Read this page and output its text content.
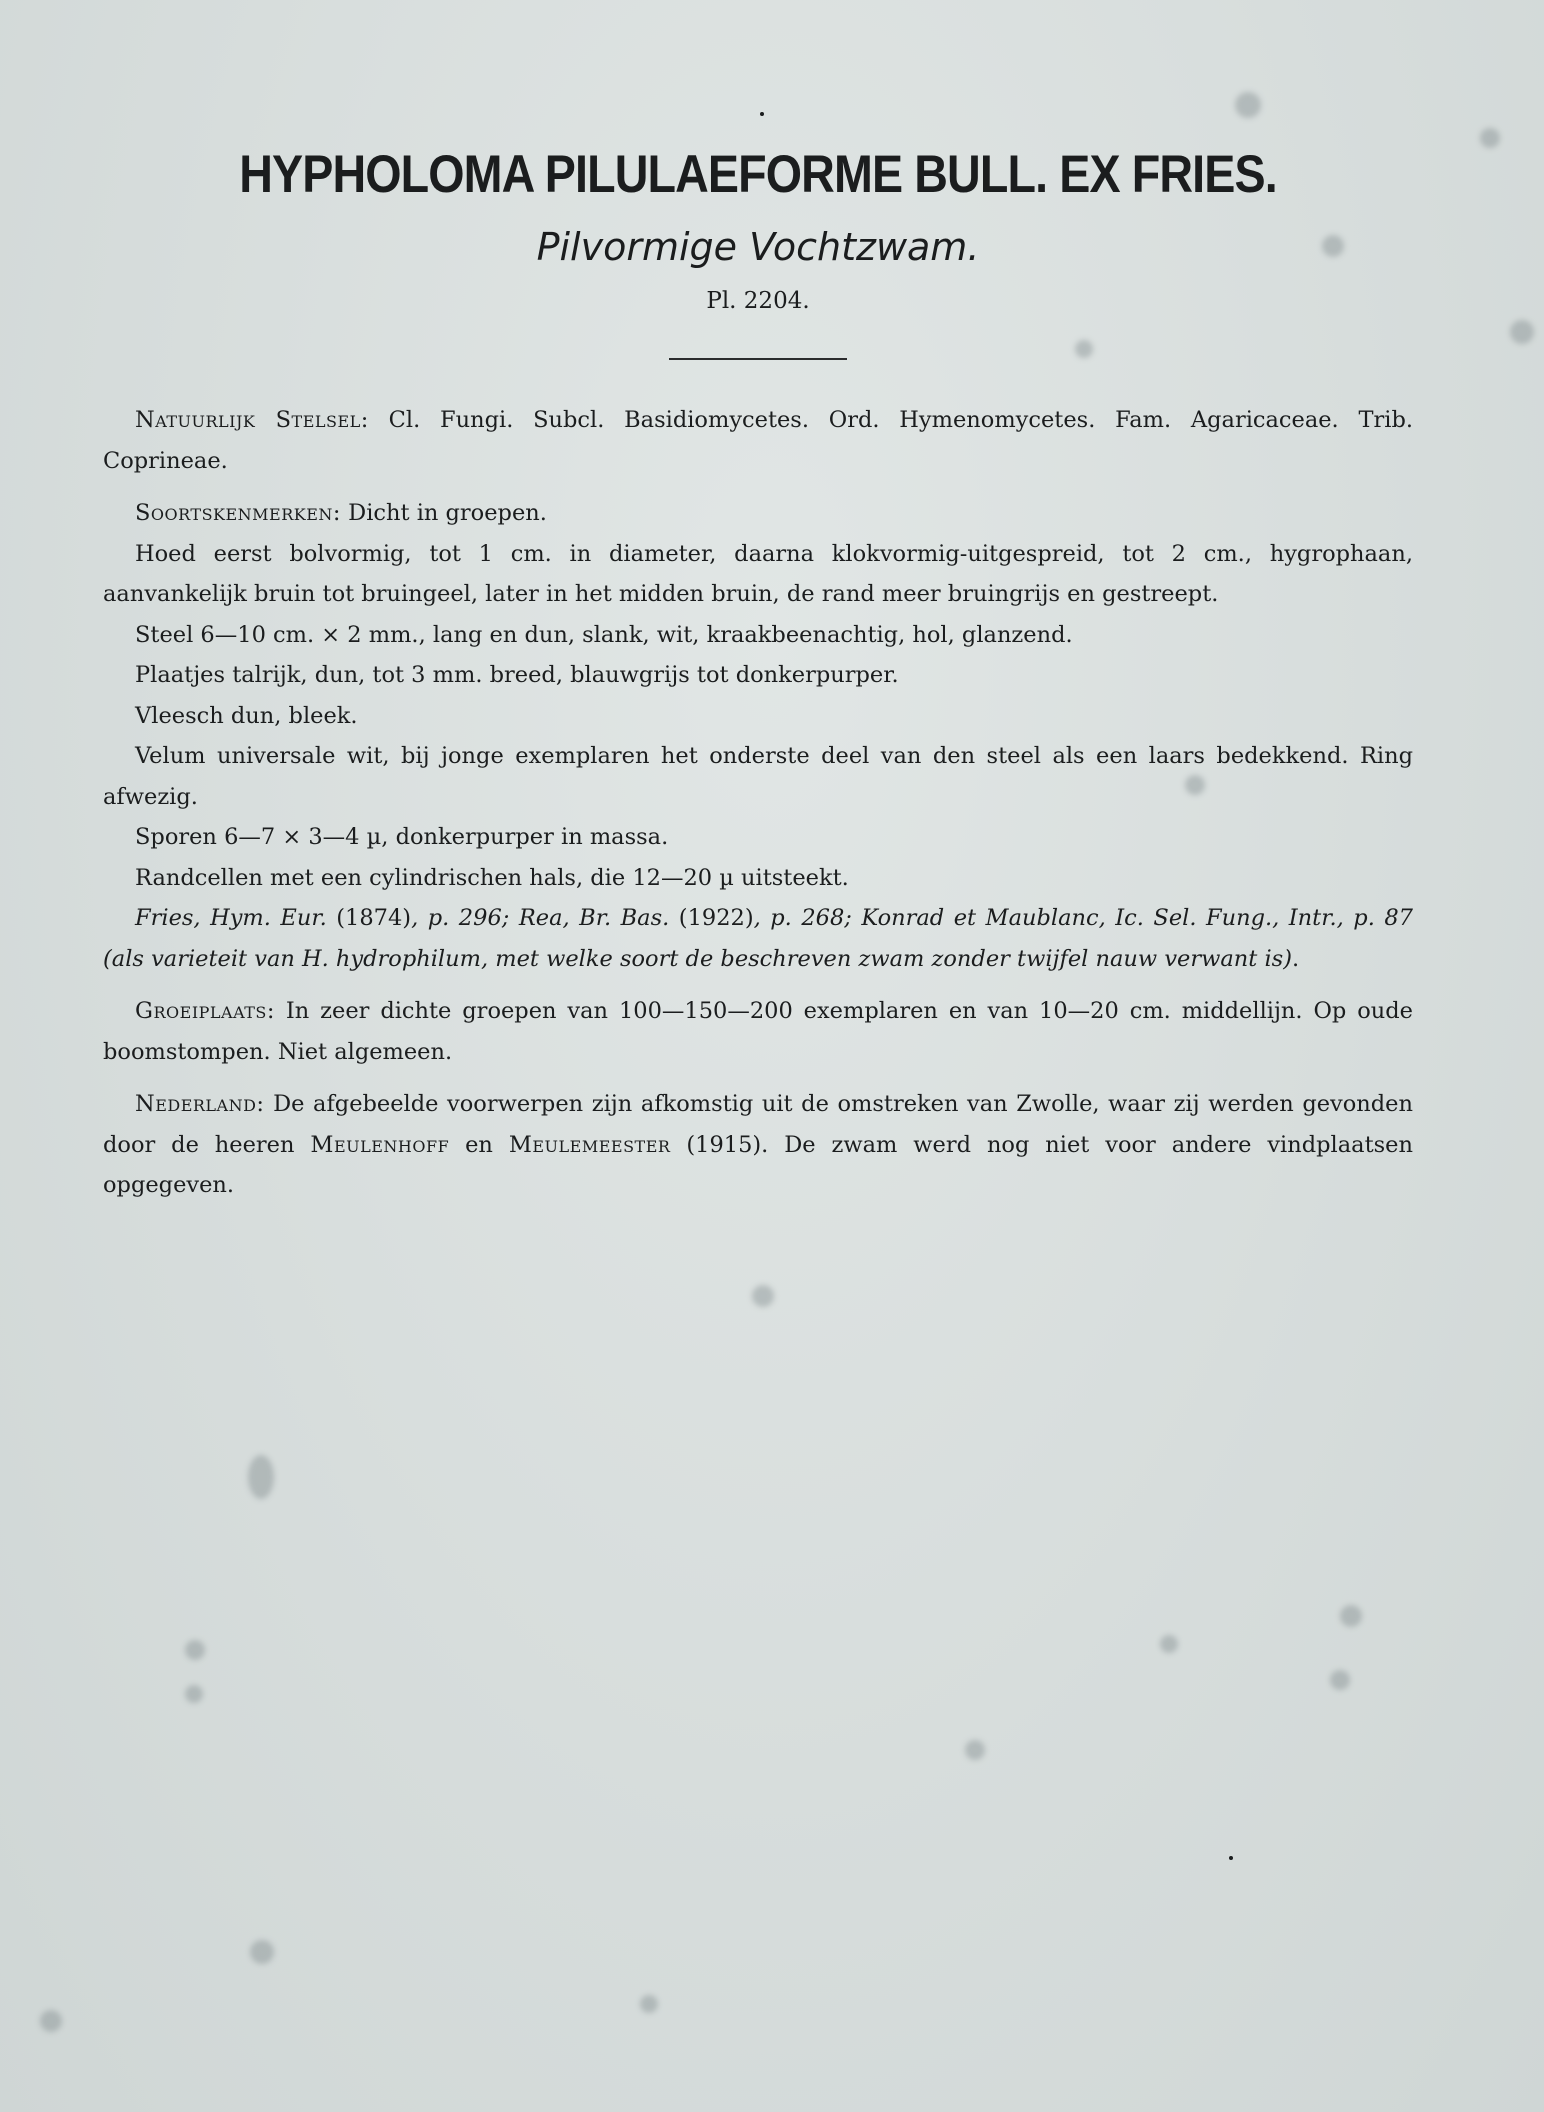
HYPHOLOMA PILULAEFORME BULL. EX FRIES.
Pilvormige Vochtzwam.
Pl. 2204.

Natuurlijk Stelsel: Cl. Fungi. Subcl. Basidiomycetes. Ord. Hymenomycetes. Fam. Agaricaceae. Trib. Coprineae.

Soortskenmerken: Dicht in groepen.

Hoed eerst bolvormig, tot 1 cm. in diameter, daarna klokvormig-uitgespreid, tot 2 cm., hygrophaan, aanvankelijk bruin tot bruingeel, later in het midden bruin, de rand meer bruingrijs en gestreept.

Steel 6—10 cm. × 2 mm., lang en dun, slank, wit, kraakbeenachtig, hol, glanzend.

Plaatjes talrijk, dun, tot 3 mm. breed, blauwgrijs tot donkerpurper.

Vleesch dun, bleek.

Velum universale wit, bij jonge exemplaren het onderste deel van den steel als een laars bedekkend. Ring afwezig.

Sporen 6—7 × 3—4 µ, donkerpurper in massa.

Randcellen met een cylindrischen hals, die 12—20 µ uitsteekt.

Fries, Hym. Eur. (1874), p. 296; Rea, Br. Bas. (1922), p. 268; Konrad et Maublanc, Ic. Sel. Fung., Intr., p. 87 (als varieteit van H. hydrophilum, met welke soort de beschreven zwam zonder twijfel nauw verwant is).

Groeiplaats: In zeer dichte groepen van 100—150—200 exemplaren en van 10—20 cm. middellijn. Op oude boomstompen. Niet algemeen.

Nederland: De afgebeelde voorwerpen zijn afkomstig uit de omstreken van Zwolle, waar zij werden gevonden door de heeren Meulenhoff en Meulemeester (1915). De zwam werd nog niet voor andere vindplaatsen opgegeven.
